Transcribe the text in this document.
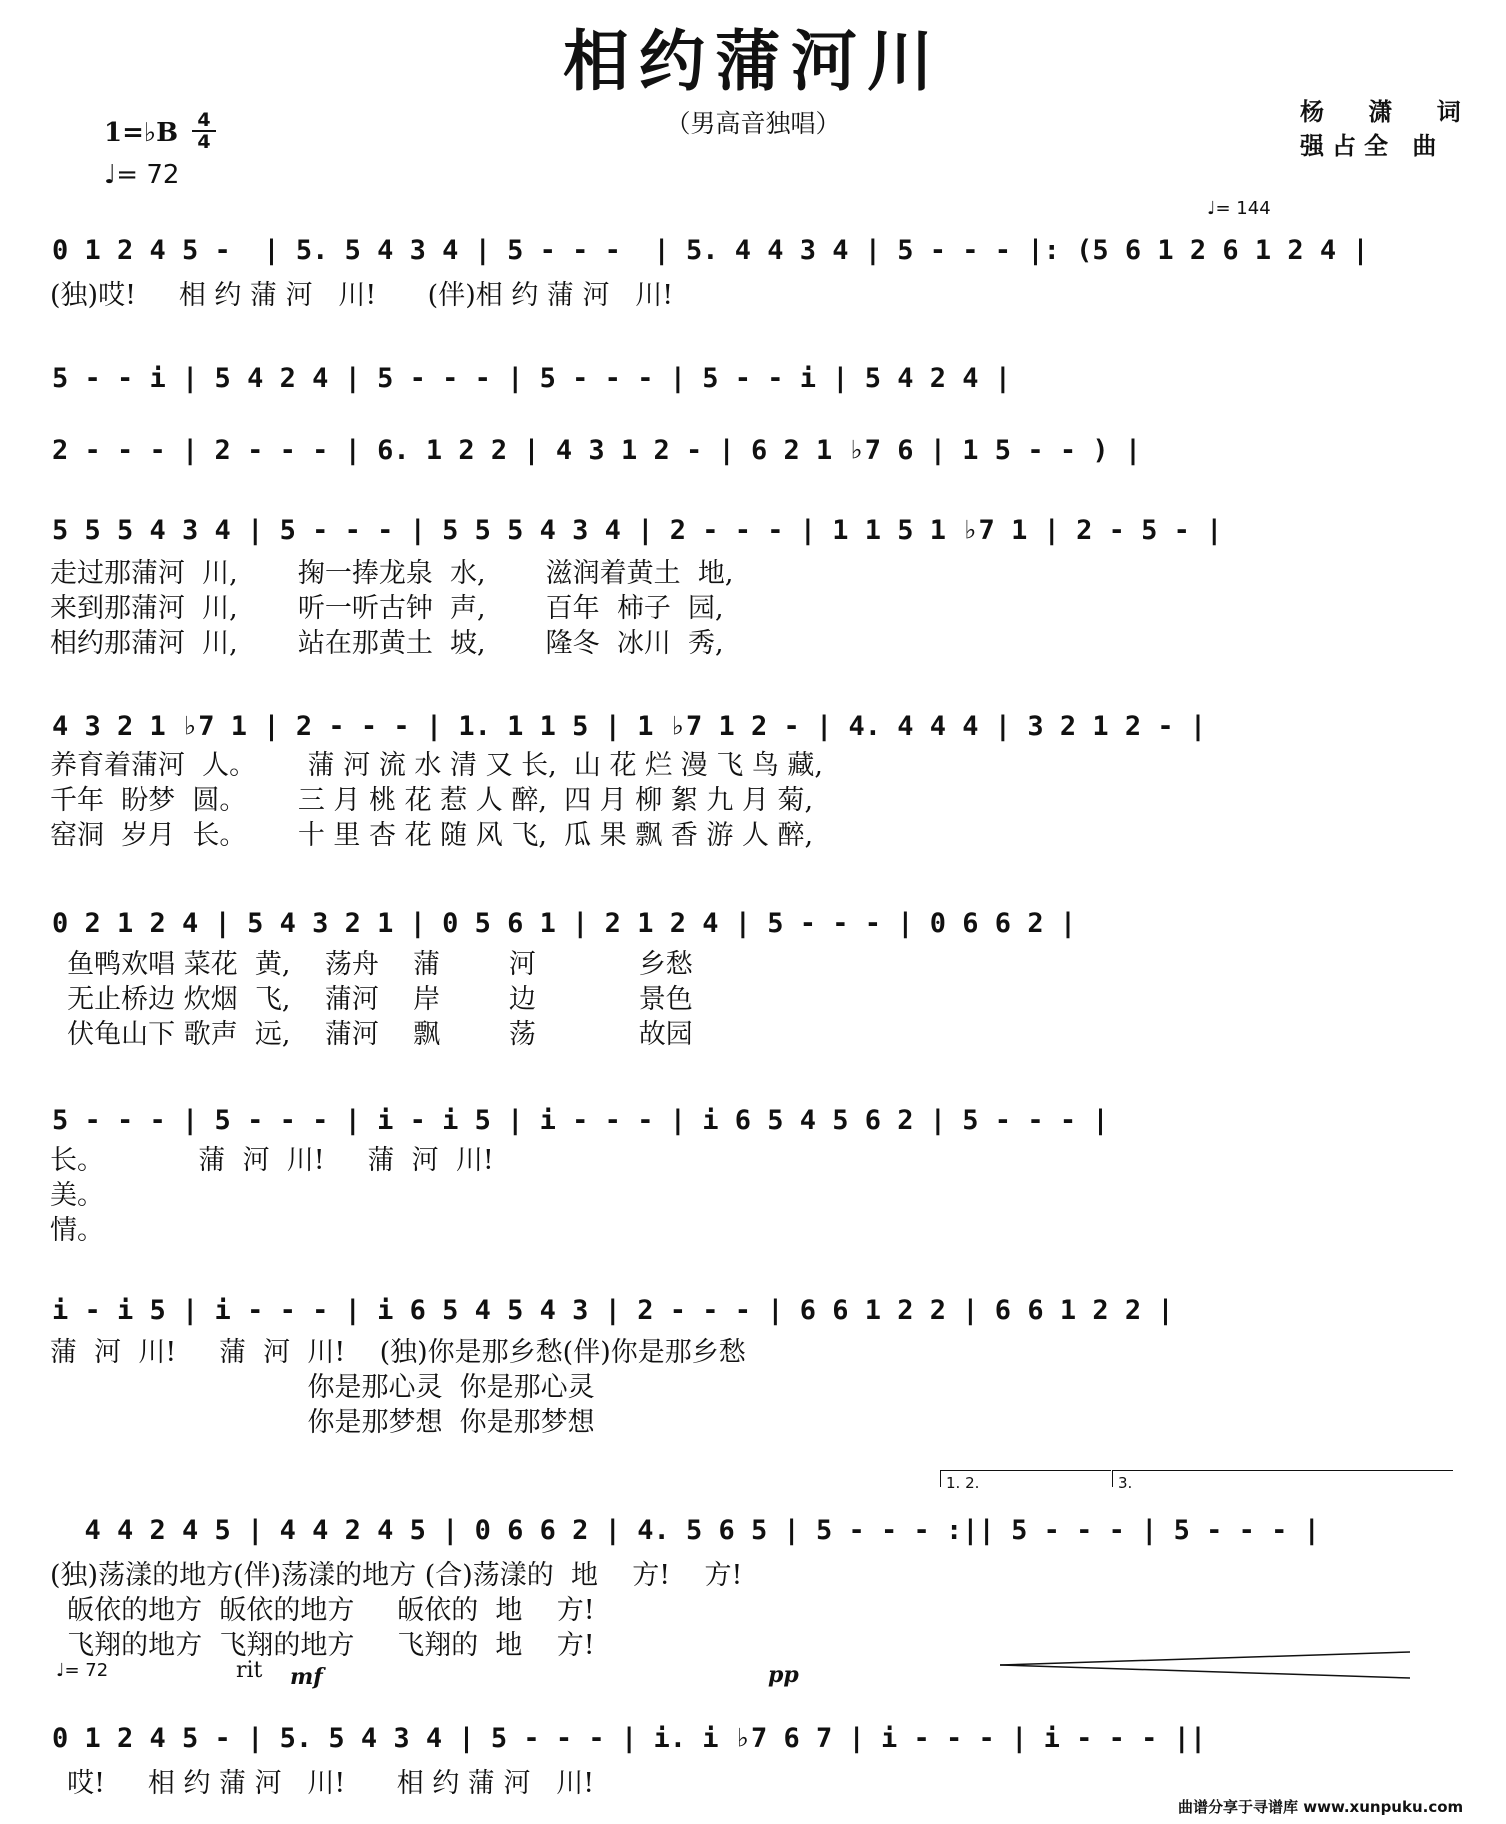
相约蒲河川
（男高音独唱）	杨 潇 词
强占全 曲
1=♭B 4
4
♩= 72
♩= 144
♩= 72	rit mf	pp
1. 2.	3.
0 1 2 4 5 -  | 5. 5 4 3 4 | 5 - - -  | 5. 4 4 3 4 | 5 - - - |: (5 6 1 2 6 1 2 4 |
(独)哎!     相 约 蒲 河   川!      (伴)相 约 蒲 河   川!
5 - - i | 5 4 2 4 | 5 - - - | 5 - - - | 5 - - i | 5 4 2 4 |
2 - - - | 2 - - - | 6. 1 2 2 | 4 3 1 2 - | 6 2 1 ♭7 6 | 1 5 - - ) |
5 5 5 4 3 4 | 5 - - - | 5 5 5 4 3 4 | 2 - - - | 1 1 5 1 ♭7 1 | 2 - 5 - |
走过那蒲河  川,       掬一捧龙泉  水,       滋润着黄土  地,
来到那蒲河  川,       听一听古钟  声,       百年  柿子  园,
相约那蒲河  川,       站在那黄土  坡,       隆冬  冰川  秀,
4 3 2 1 ♭7 1 | 2 - - - | 1. 1 1 5 | 1 ♭7 1 2 - | 4. 4 4 4 | 3 2 1 2 - |
养育着蒲河  人。      蒲 河 流 水 清 又 长,  山 花 烂 漫 飞 鸟 藏,
千年  盼梦  圆。      三 月 桃 花 惹 人 醉,  四 月 柳 絮 九 月 菊,
窑洞  岁月  长。      十 里 杏 花 随 风 飞,  瓜 果 飘 香 游 人 醉,
0 2 1 2 4 | 5 4 3 2 1 | 0 5 6 1 | 2 1 2 4 | 5 - - - | 0 6 6 2 |
鱼鸭欢唱 菜花  黄,    荡舟    蒲        河            乡愁
无止桥边 炊烟  飞,    蒲河    岸        边            景色
伏龟山下 歌声  远,    蒲河    飘        荡            故园
5 - - - | 5 - - - | i - i 5 | i - - - | i 6 5 4 5 6 2 | 5 - - - |
长。           蒲  河  川!     蒲  河  川!
美。
情。
i - i 5 | i - - - | i 6 5 4 5 4 3 | 2 - - - | 6 6 1 2 2 | 6 6 1 2 2 |
蒲  河  川!     蒲  河  川!    (独)你是那乡愁(伴)你是那乡愁
你是那心灵  你是那心灵
你是那梦想  你是那梦想
4 4 2 4 5 | 4 4 2 4 5 | 0 6 6 2 | 4. 5 6 5 | 5 - - - :|| 5 - - - | 5 - - - |
(独)荡漾的地方(伴)荡漾的地方 (合)荡漾的  地    方!    方!
皈依的地方  皈依的地方     皈依的  地    方!
飞翔的地方  飞翔的地方     飞翔的  地    方!
0 1 2 4 5 - | 5. 5 4 3 4 | 5 - - - | i. i ♭7 6 7 | i - - - | i - - - ||
哎!     相 约 蒲 河   川!      相 约 蒲 河   川!
曲谱分享于寻谱库 www.xunpuku.com
